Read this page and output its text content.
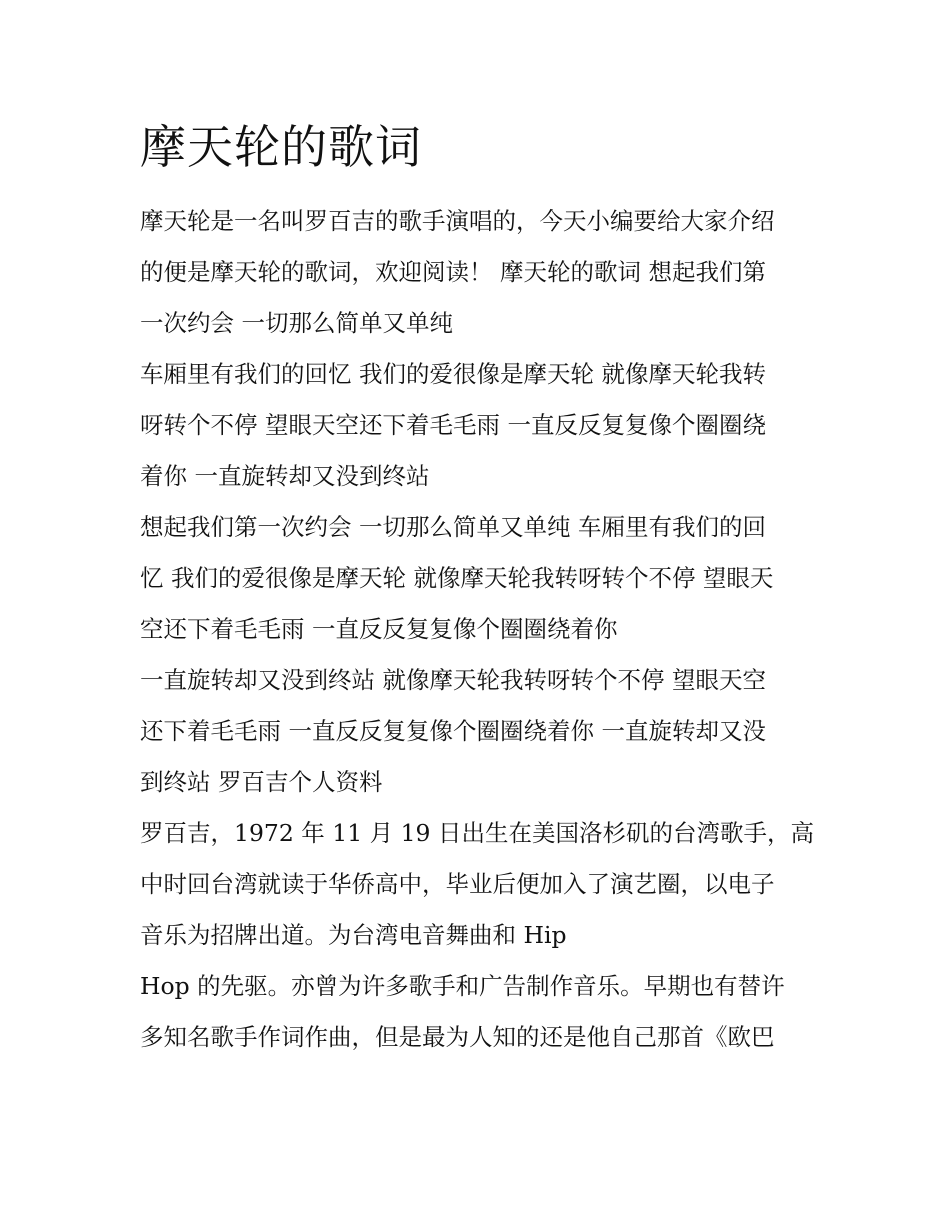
摩天轮的歌词
摩天轮是一名叫罗百吉的歌手演唱的，今天小编要给大家介绍
的便是摩天轮的歌词，欢迎阅读！ 摩天轮的歌词 想起我们第
一次约会 一切那么简单又单纯
车厢里有我们的回忆 我们的爱很像是摩天轮 就像摩天轮我转
呀转个不停 望眼天空还下着毛毛雨 一直反反复复像个圈圈绕
着你 一直旋转却又没到终站
想起我们第一次约会 一切那么简单又单纯 车厢里有我们的回
忆 我们的爱很像是摩天轮 就像摩天轮我转呀转个不停 望眼天
空还下着毛毛雨 一直反反复复像个圈圈绕着你
一直旋转却又没到终站 就像摩天轮我转呀转个不停 望眼天空
还下着毛毛雨 一直反反复复像个圈圈绕着你 一直旋转却又没
到终站 罗百吉个人资料
罗百吉，1972 年 11 月 19 日出生在美国洛杉矶的台湾歌手，高
中时回台湾就读于华侨高中，毕业后便加入了演艺圈，以电子
音乐为招牌出道。为台湾电音舞曲和 Hip
Hop 的先驱。亦曾为许多歌手和广告制作音乐。早期也有替许
多知名歌手作词作曲，但是最为人知的还是他自己那首《欧巴
